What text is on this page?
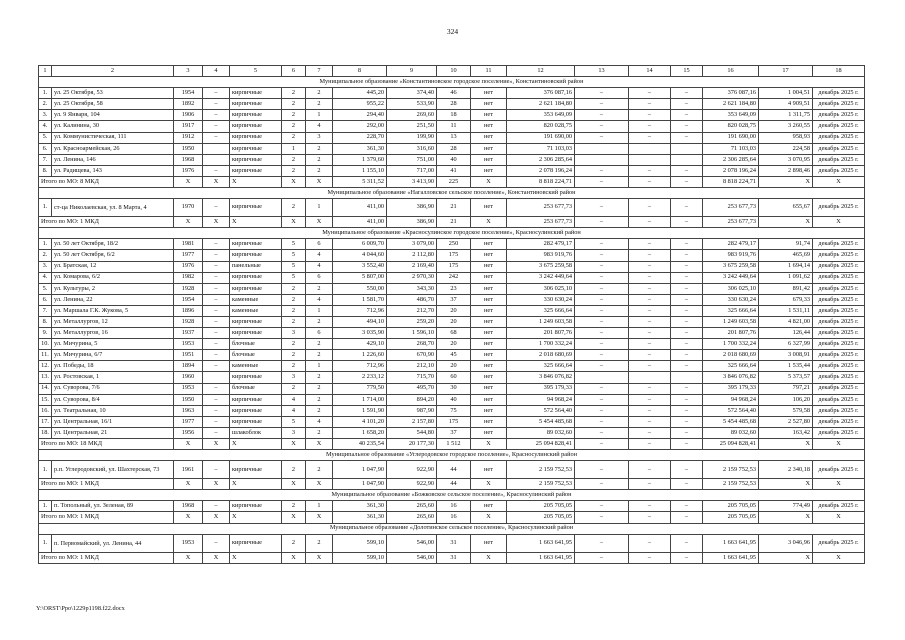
324
1	2	3	4	5	6	7	8	9	10	11	12	13	14	15	16	17	18
Муниципальное образование «Константиновское городское поселение», Константиновский район																	
1.	ул. 25 Октября, 53	1954	–	кирпичные	2	2	445,20	374,40	46	нет	376 087,16	–	–	–	376 087,16	1 004,51	декабрь 2025 г.
2.	ул. 25 Октября, 58	1892	–	кирпичные	2	2	955,22	533,90	28	нет	2 621 184,80	–	–	–	2 621 184,80	4 909,51	декабрь 2025 г.
3.	ул. 9 Января, 104	1906	–	кирпичные	2	1	294,40	269,60	18	нет	353 649,09	–	–	–	353 649,09	1 311,75	декабрь 2025 г.
4.	ул. Калинина, 30	1917	–	кирпичные	2	4	292,00	251,50	11	нет	820 028,75	–	–	–	820 028,75	3 260,55	декабрь 2025 г.
5.	ул. Коммунистическая, 111	1912	–	кирпичные	2	3	228,70	199,90	13	нет	191 690,00	–	–	–	191 690,00	958,93	декабрь 2025 г.
6.	ул. Красноармейская, 26	1950		кирпичные	1	2	361,30	316,60	28	нет	71 103,03				71 103,03	224,58	декабрь 2025 г.
7.	ул. Ленина, 146	1968		кирпичные	2	2	1 379,60	751,00	40	нет	2 306 285,64				2 306 285,64	3 070,95	декабрь 2025 г.
8.	ул. Радищева, 143	1976	–	кирпичные	2	2	1 155,10	717,00	41	нет	2 078 196,24	–	–	–	2 078 196,24	2 898,46	декабрь 2025 г.
Итого по МО: 8 МКД		X	X	X	X	X	5 311,52	3 413,90	225	X	8 818 224,71	–	–	–	8 818 224,71	X	X
Муниципальное образование «Нагалловское сельское поселение», Константиновский район																	
1.	ст-ца Николаевская, ул. 8 Марта, 4	1970	–	кирпичные	2	1	411,00	386,90	21	нет	253 677,73	–	–	–	253 677,73	655,67	декабрь 2025 г.
Итого по МО: 1 МКД		X	X	X	X	X	411,00	386,90	21	X	253 677,73	–	–	–	253 677,73	X	X
Муниципальное образование «Красносулинское городское поселение», Красносулинский район																	
1.	ул. 50 лет Октября, 18/2	1981	–	кирпичные	5	6	6 009,70	3 079,00	250	нет	282 479,17	–	–	–	282 479,17	91,74	декабрь 2025 г.
2.	ул. 50 лет Октября, 6/2	1977	–	кирпичные	5	4	4 044,60	2 112,80	175	нет	983 919,76	–	–	–	983 919,76	465,69	декабрь 2025 г.
3.	ул. Братская, 12	1976	–	панельные	5	4	3 552,40	2 169,40	175	нет	3 675 259,58	–	–	–	3 675 259,58	1 694,14	декабрь 2025 г.
4.	ул. Комарова, 6/2	1982	–	кирпичные	5	6	5 807,00	2 970,30	242	нет	3 242 449,64	–	–	–	3 242 449,64	1 091,62	декабрь 2025 г.
5.	ул. Культуры, 2	1928	–	кирпичные	2	2	550,00	343,30	23	нет	306 025,10	–	–	–	306 025,10	891,42	декабрь 2025 г.
6.	ул. Ленина, 22	1954	–	каменные	2	4	1 581,70	486,70	37	нет	330 630,24	–	–	–	330 630,24	679,33	декабрь 2025 г.
7.	ул. Маршала Г.К. Жукова, 5	1896	–	каменные	2	1	712,96	212,70	20	нет	325 666,64	–	–	–	325 666,64	1 531,11	декабрь 2025 г.
8.	ул. Металлургов, 12	1928	–	кирпичные	2	2	494,10	259,20	20	нет	1 249 603,58	–	–	–	1 249 603,58	4 821,00	декабрь 2025 г.
9.	ул. Металлургов, 16	1937	–	кирпичные	3	6	3 035,90	1 596,10	68	нет	201 807,76	–	–	–	201 807,76	126,44	декабрь 2025 г.
10.	ул. Мичурина, 5	1953	–	блочные	2	2	429,10	268,70	20	нет	1 700 332,24	–	–	–	1 700 332,24	6 327,99	декабрь 2025 г.
11.	ул. Мичурина, 6/7	1951	–	блочные	2	2	1 226,60	670,90	45	нет	2 018 680,69	–	–	–	2 018 680,69	3 008,91	декабрь 2025 г.
12.	ул. Победы, 18	1894	–	каменные	2	1	712,96	212,10	20	нет	325 666,64	–	–	–	325 666,64	1 535,44	декабрь 2025 г.
13.	ул. Ростовская, 1	1960		кирпичные	3	2	2 233,12	715,70	60	нет	3 846 076,82				3 846 076,82	5 373,57	декабрь 2025 г.
14.	ул. Суворова, 7/6	1953	–	блочные	2	2	779,50	495,70	30	нет	395 179,33	–	–	–	395 179,33	797,21	декабрь 2025 г.
15.	ул. Суворова, 8/4	1950	–	кирпичные	4	2	1 714,00	894,20	40	нет	94 968,24	–	–	–	94 968,24	106,20	декабрь 2025 г.
16.	ул. Театральная, 10	1963	–	кирпичные	4	2	1 591,90	987,90	75	нет	572 564,40	–	–	–	572 564,40	579,58	декабрь 2025 г.
17.	ул. Центральная, 16/1	1977	–	кирпичные	5	4	4 101,20	2 157,80	175	нет	5 454 485,68	–	–	–	5 454 485,68	2 527,80	декабрь 2025 г.
18.	ул. Центральная, 21	1956	–	шлакоблок	3	2	1 658,20	544,80	37	нет	89 032,60	–	–	–	89 032,60	163,42	декабрь 2025 г.
Итого по МО: 18 МКД		X	X	X	X	X	40 235,54	20 177,30	1 512	X	25 094 828,41	–	–	–	25 094 828,41	X	X
Муниципальное образование «Углеродовское городское поселение», Красносулинский район																	
1.	р.п. Углеродовский, ул. Шахтерская, 73	1961	–	кирпичные	2	2	1 047,90	922,90	44	нет	2 159 752,53	–	–	–	2 159 752,53	2 340,18	декабрь 2025 г.
Итого по МО: 1 МКД		X	X	X	X	X	1 047,90	922,90	44	X	2 159 752,53	–	–	–	2 159 752,53	X	X
Муниципальное образование «Божковское сельское поселение», Красносулинский район																	
1.	п. Топольный, ул. Зеленая, 89	1968	–	кирпичные	2	1	361,30	265,60	16	нет	205 705,05	–	–	–	205 705,05	774,49	декабрь 2025 г.
Итого по МО: 1 МКД		X	X	X	X	X	361,30	265,60	16	X	205 705,05	–	–	–	205 705,05	X	X
Муниципальное образование «Долотинское сельское поселение», Красносулинский район																	
1.	п. Первомайский, ул. Ленина, 44	1953	–	кирпичные	2	2	599,10	546,00	31	нет	1 663 641,95	–	–	–	1 663 641,95	3 046,96	декабрь 2025 г.
Итого по МО: 1 МКД		X	X	X	X	X	599,10	546,00	31	X	1 663 641,95	–	–	–	1 663 641,95	X	X
Y:\ORST\Ppo\1229p1198.f22.docx
